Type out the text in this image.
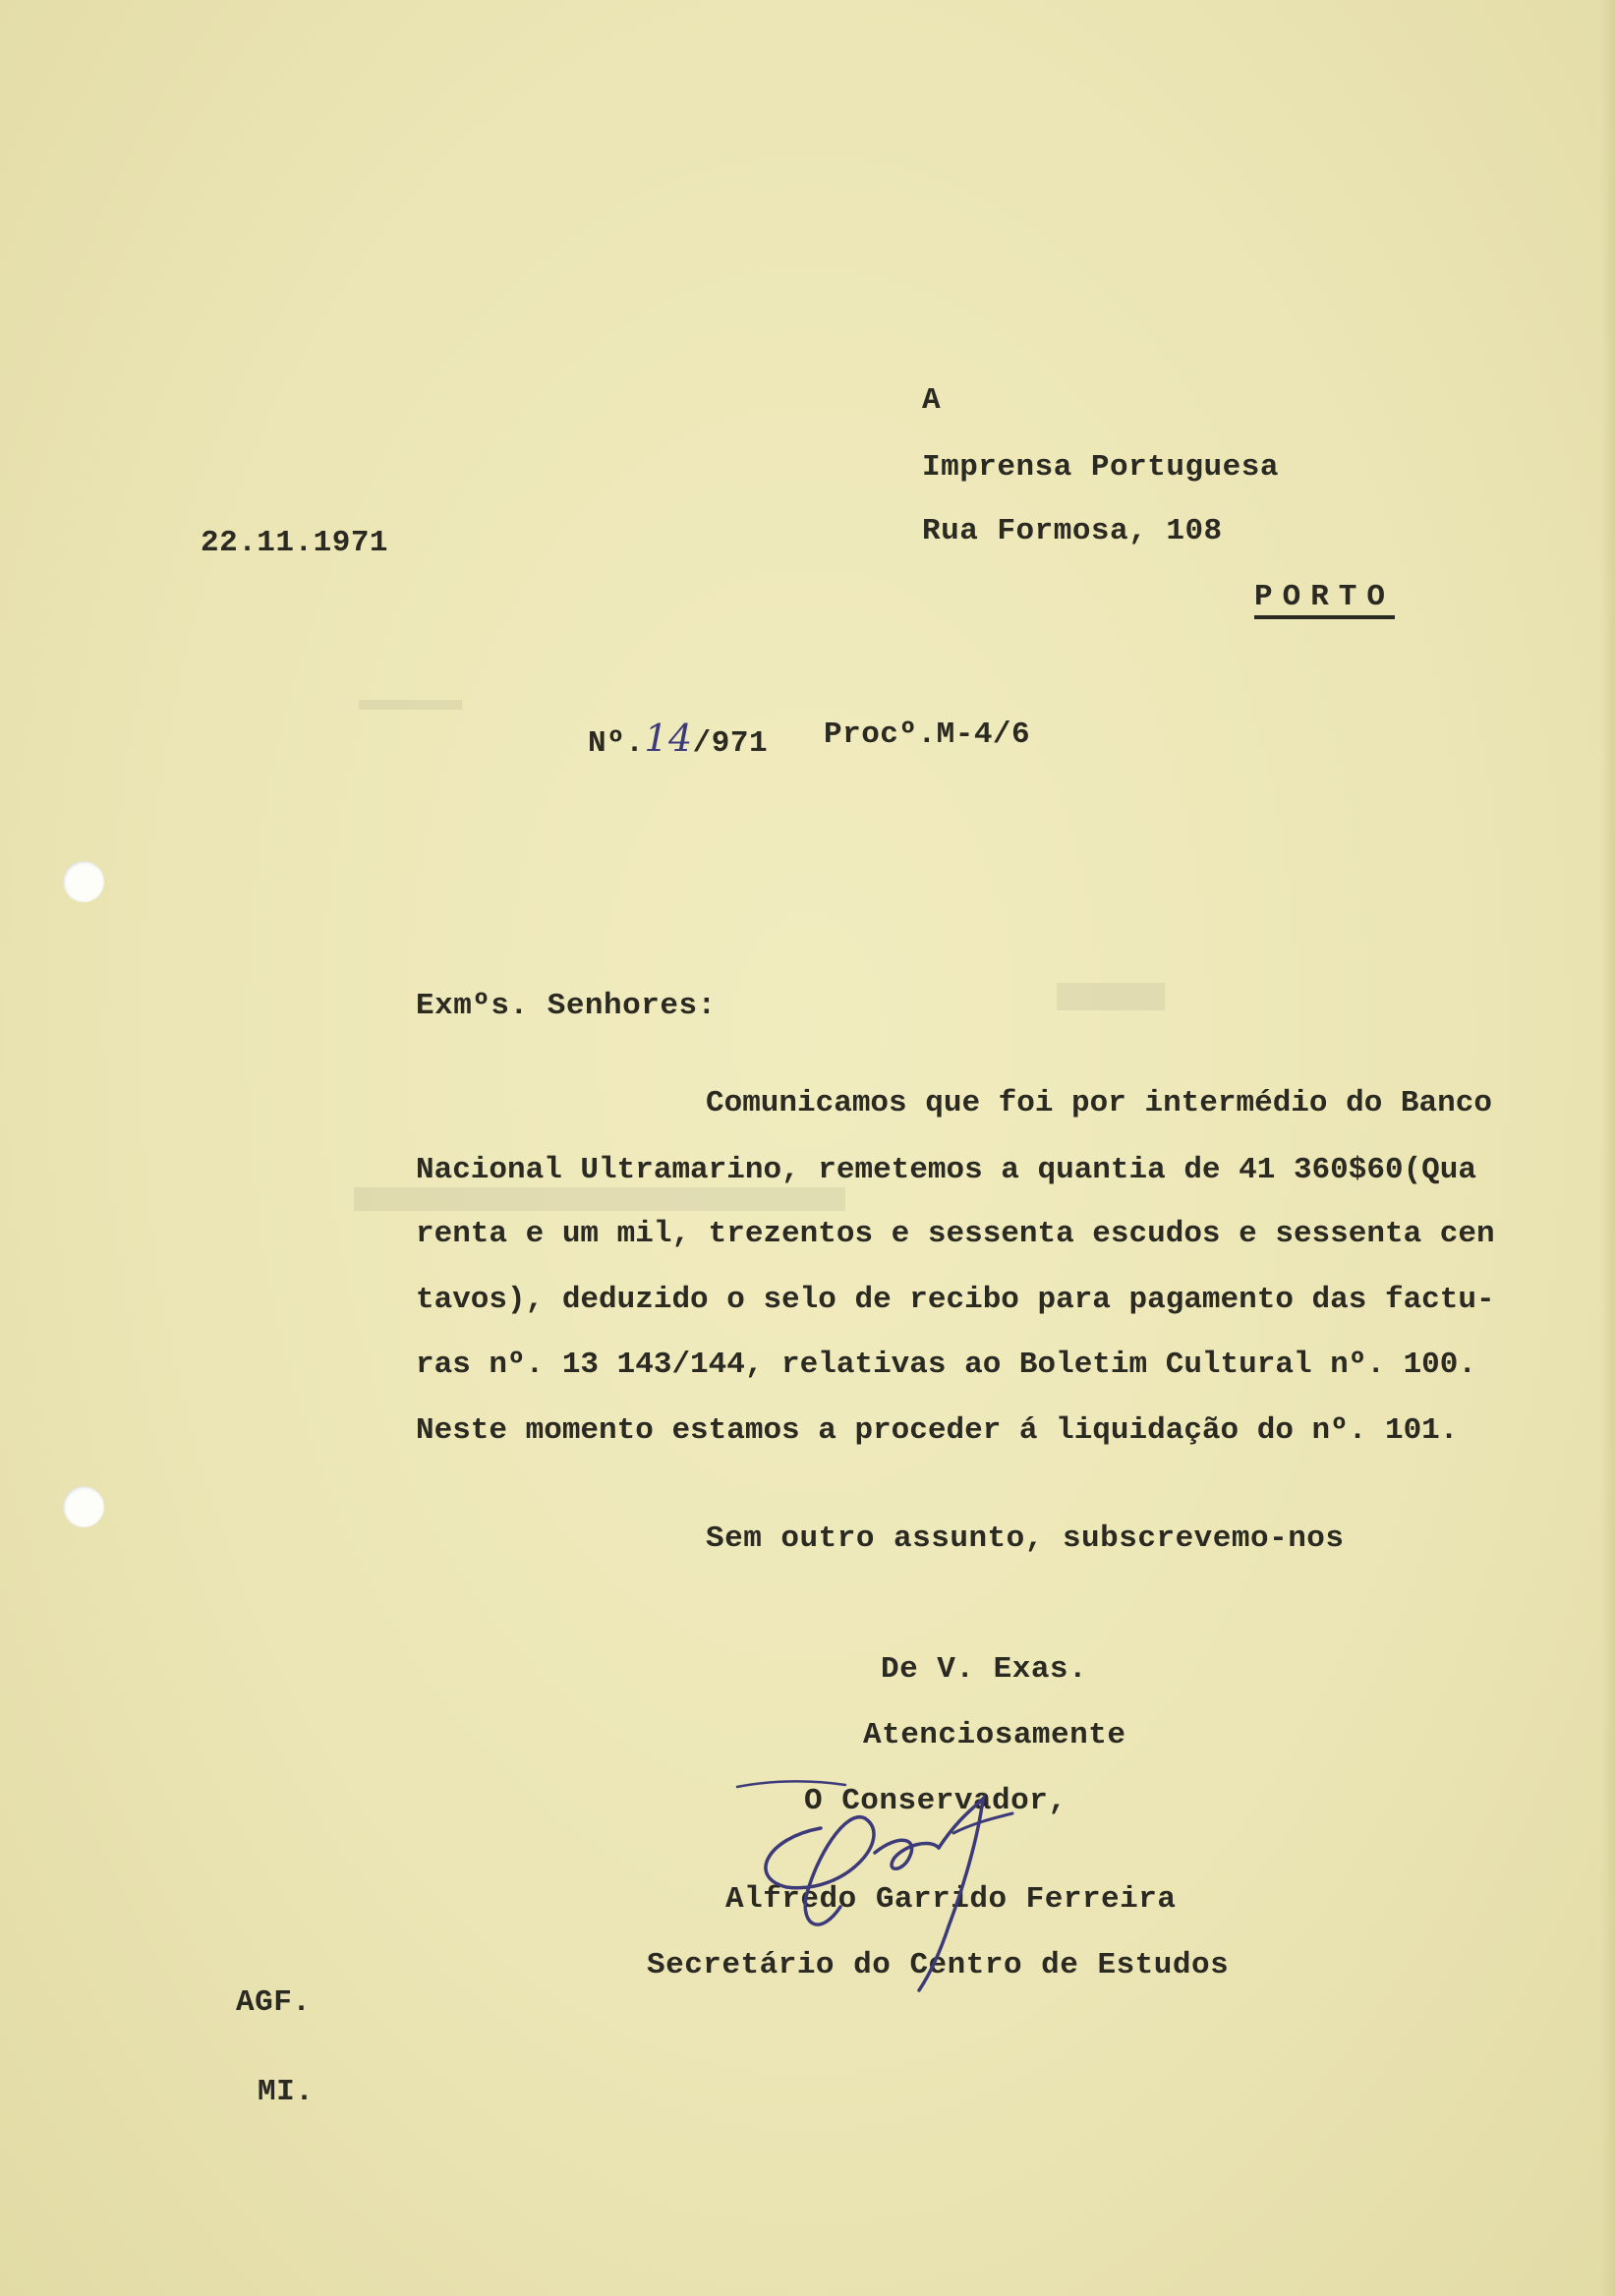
A
Imprensa Portuguesa
22.11.1971	Rua Formosa, 108
PORTO
Nº.14/971 Procº.M-4/6
Exmºs. Senhores:
Comunicamos que foi por intermédio do Banco
Nacional Ultramarino, remetemos a quantia de 41 360$60(Qua
renta e um mil, trezentos e sessenta escudos e sessenta cen
tavos), deduzido o selo de recibo para pagamento das factu-
ras nº. 13 143/144, relativas ao Boletim Cultural nº. 100.
Neste momento estamos a proceder á liquidação do nº. 101.
Sem outro assunto, subscrevemo-nos
De V. Exas.
Atenciosamente
O Conservador,
Alfredo Garrido Ferreira
Secretário do Centro de Estudos
AGF.
MI.
